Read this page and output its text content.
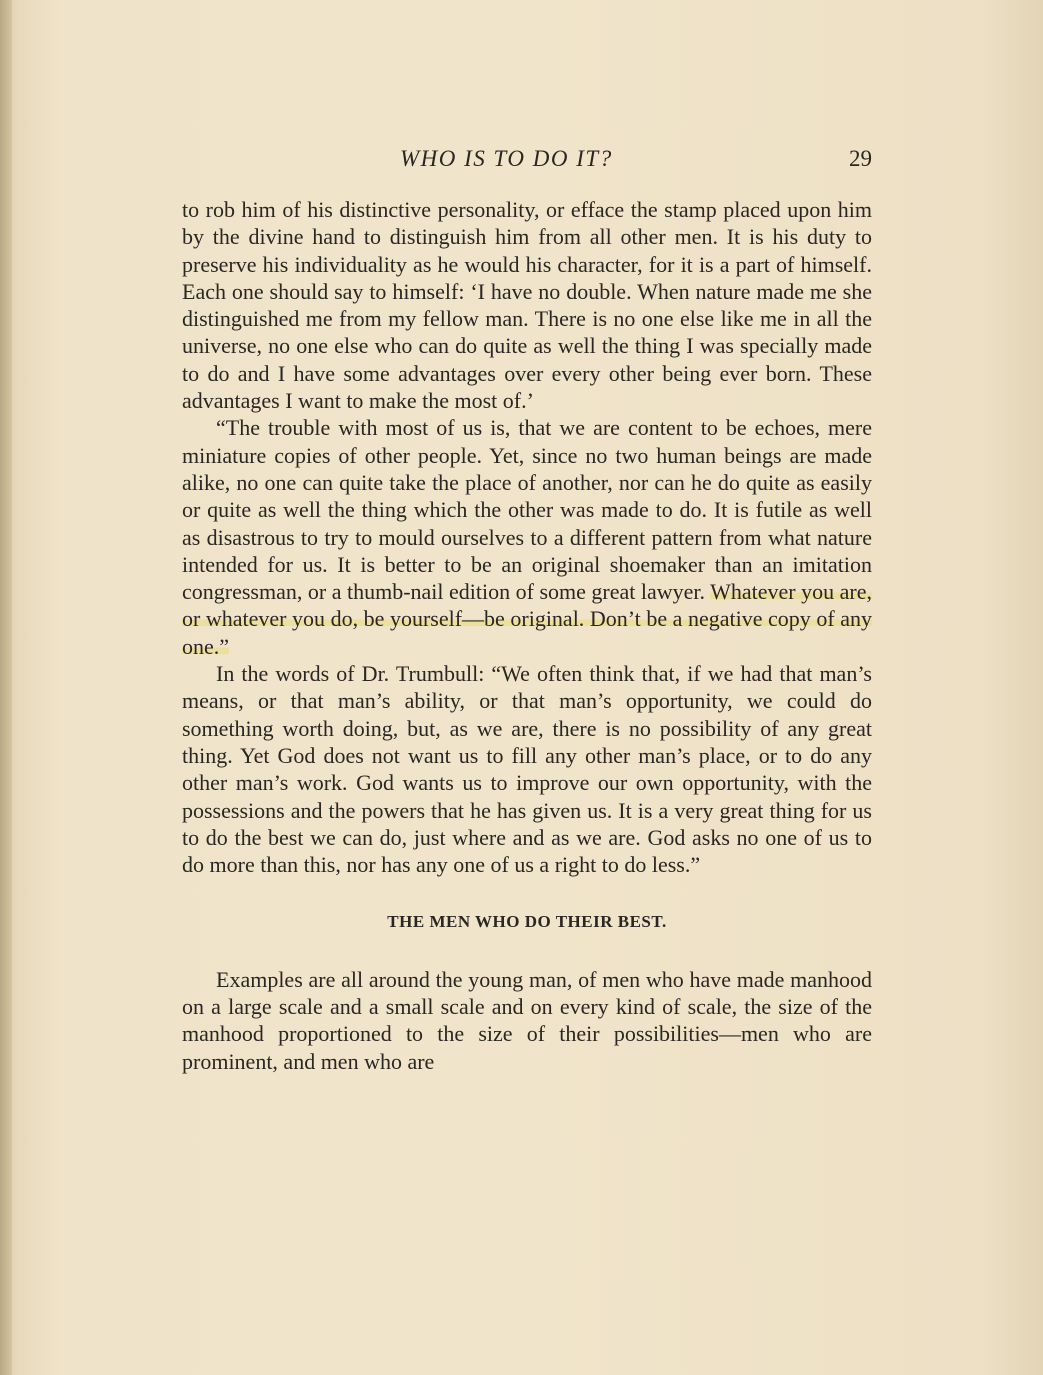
WHO IS TO DO IT?	29

to rob him of his distinctive personality, or efface the stamp placed upon him by the divine hand to distinguish him from all other men. It is his duty to preserve his individuality as he would his character, for it is a part of himself. Each one should say to himself: ‘I have no double. When nature made me she distinguished me from my fellow man. There is no one else like me in all the universe, no one else who can do quite as well the thing I was specially made to do and I have some advantages over every other being ever born. These advantages I want to make the most of.’

“The trouble with most of us is, that we are content to be echoes, mere miniature copies of other people. Yet, since no two human beings are made alike, no one can quite take the place of another, nor can he do quite as easily or quite as well the thing which the other was made to do. It is futile as well as disastrous to try to mould ourselves to a different pattern from what nature intended for us. It is better to be an original shoemaker than an imitation congressman, or a thumb-nail edition of some great lawyer. Whatever you are, or whatever you do, be yourself—be original. Don’t be a negative copy of any one.”

In the words of Dr. Trumbull: “We often think that, if we had that man’s means, or that man’s ability, or that man’s opportunity, we could do something worth doing, but, as we are, there is no possibility of any great thing. Yet God does not want us to fill any other man’s place, or to do any other man’s work. God wants us to improve our own opportunity, with the possessions and the powers that he has given us. It is a very great thing for us to do the best we can do, just where and as we are. God asks no one of us to do more than this, nor has any one of us a right to do less.”

THE MEN WHO DO THEIR BEST.

Examples are all around the young man, of men who have made manhood on a large scale and a small scale and on every kind of scale, the size of the manhood proportioned to the size of their possibilities—men who are prominent, and men who are
